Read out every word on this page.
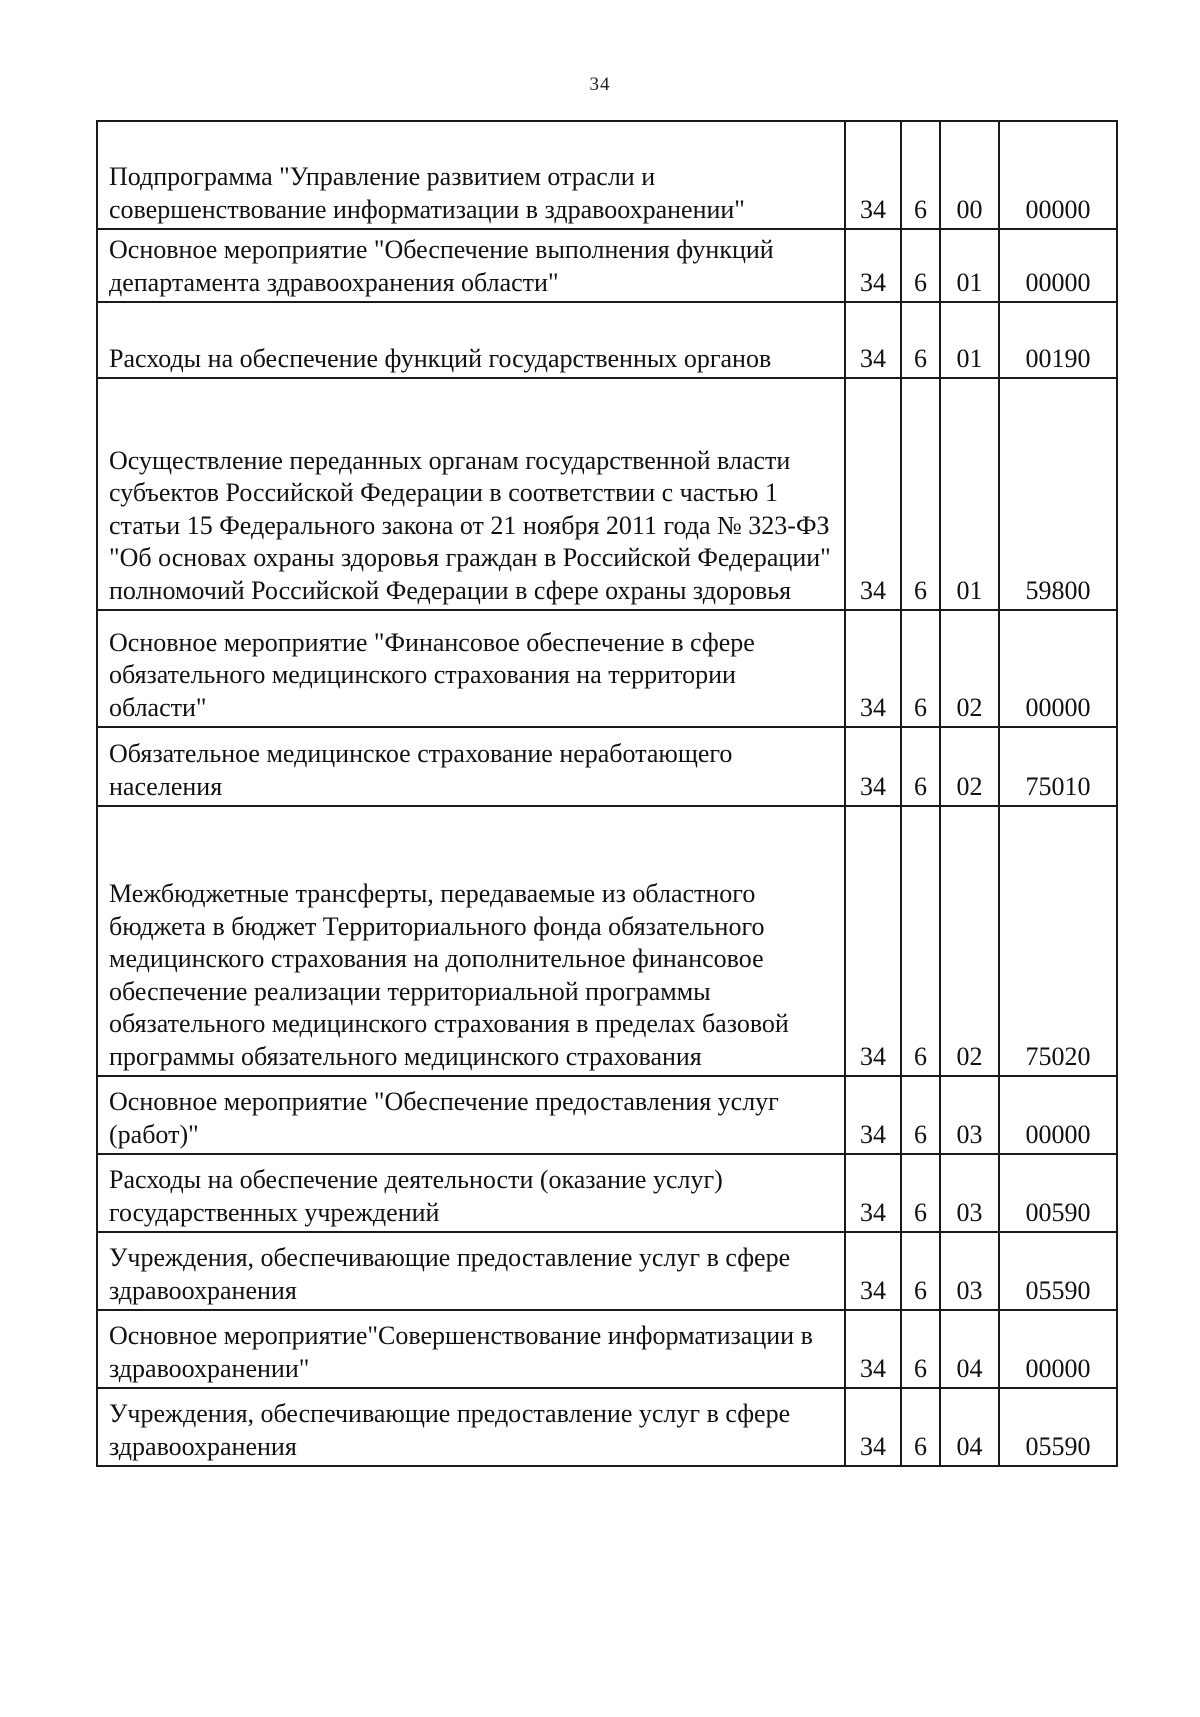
34
Подпрограмма "Управление развитием отрасли и совершенствование информатизации в здравоохранении"	34	6	00	00000

Основное мероприятие "Обеспечение выполнения функций департамента здравоохранения области"	34	6	01	00000

Расходы на обеспечение функций государственных органов	34	6	01	00190

Осуществление переданных органам государственной власти субъектов Российской Федерации в соответствии с частью 1 статьи 15 Федерального закона от 21 ноября 2011 года № 323-ФЗ "Об основах охраны здоровья граждан в Российской Федерации" полномочий Российской Федерации в сфере охраны здоровья	34	6	01	59800

Основное мероприятие "Финансовое обеспечение в сфере обязательного медицинского страхования на территории области"	34	6	02	00000

Обязательное медицинское страхование неработающего населения	34	6	02	75010

Межбюджетные трансферты, передаваемые из областного бюджета в бюджет Территориального фонда обязательного медицинского страхования на дополнительное финансовое обеспечение реализации территориальной программы обязательного медицинского страхования в пределах базовой программы обязательного медицинского страхования	34	6	02	75020

Основное мероприятие "Обеспечение предоставления услуг (работ)"	34	6	03	00000

Расходы на обеспечение деятельности (оказание услуг) государственных учреждений	34	6	03	00590

Учреждения, обеспечивающие предоставление услуг в сфере здравоохранения	34	6	03	05590

Основное мероприятие"Совершенствование информатизации в здравоохранении"	34	6	04	00000

Учреждения, обеспечивающие предоставление услуг в сфере здравоохранения	34	6	04	05590
